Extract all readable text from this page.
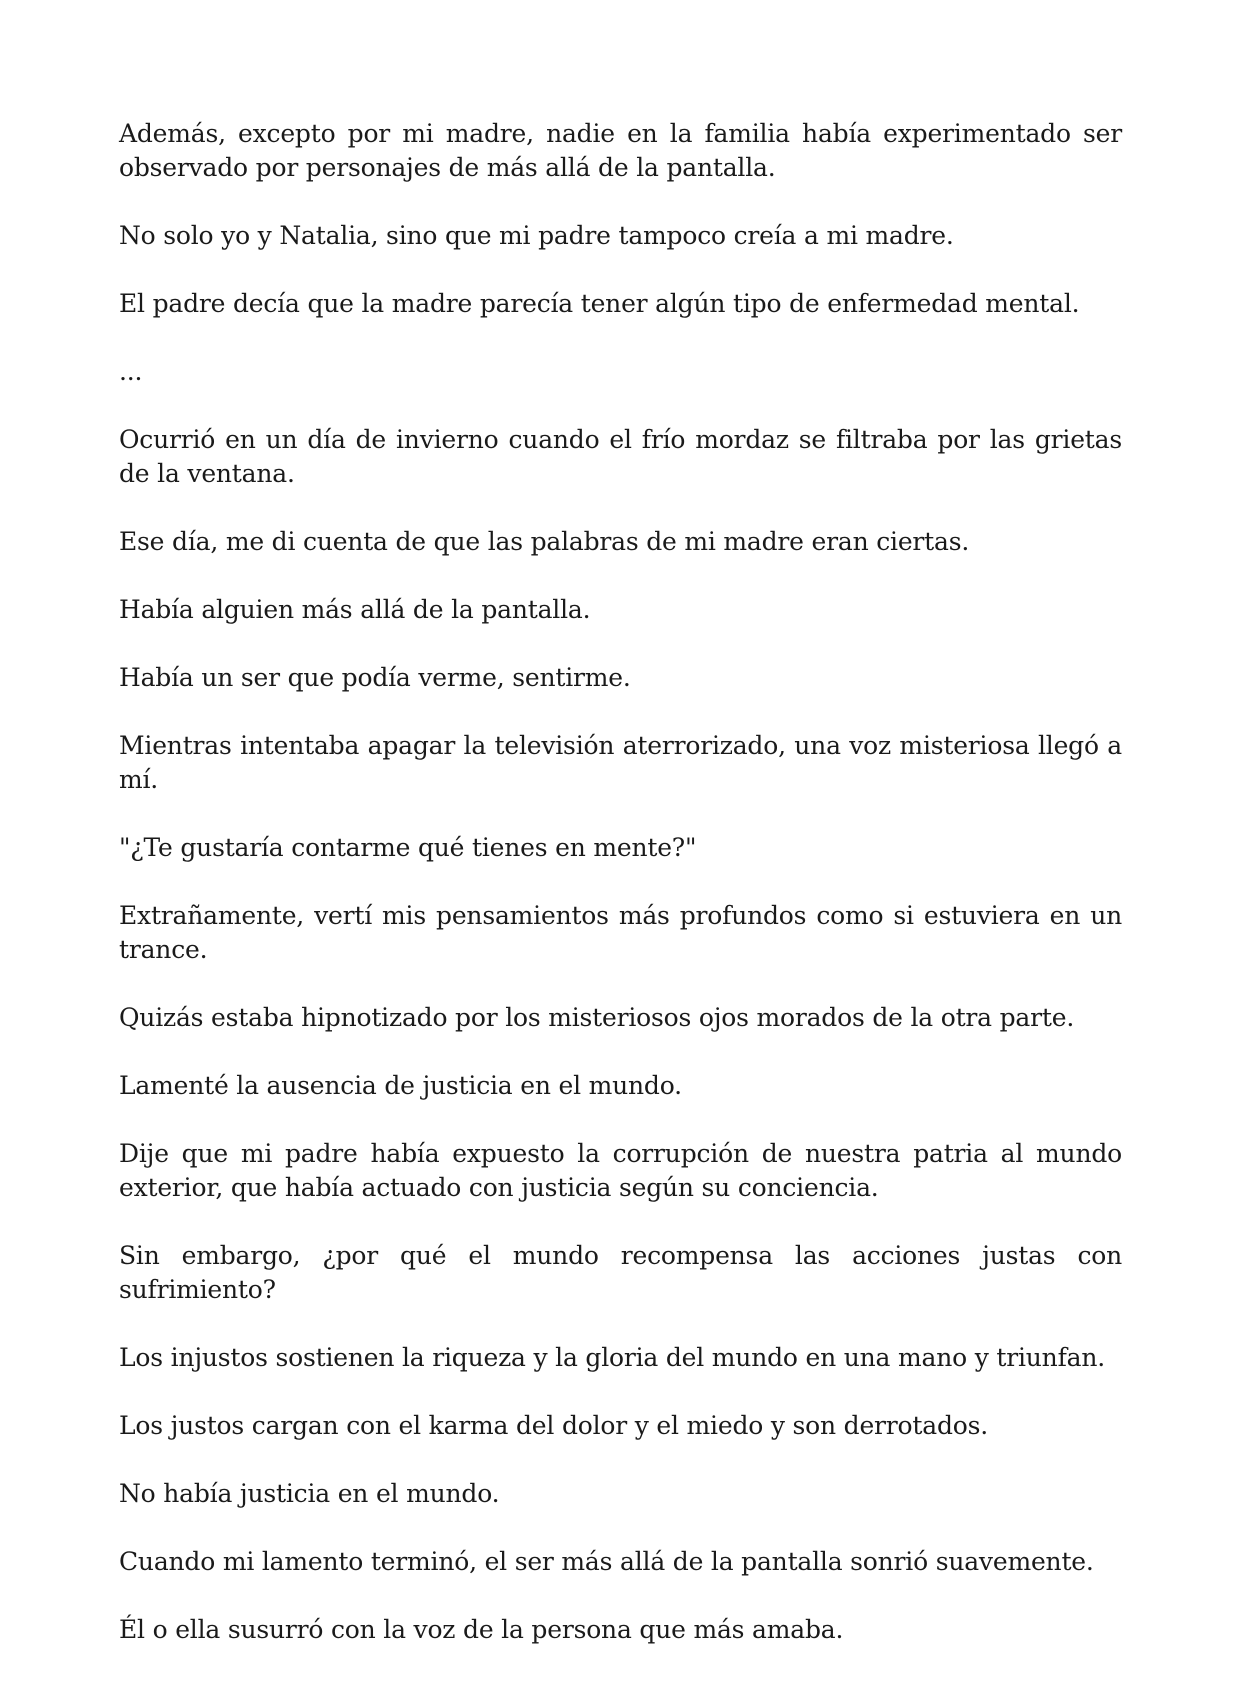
Además, excepto por mi madre, nadie en la familia había experimentado ser observado por personajes de más allá de la pantalla.

No solo yo y Natalia, sino que mi padre tampoco creía a mi madre.

El padre decía que la madre parecía tener algún tipo de enfermedad mental.

...

Ocurrió en un día de invierno cuando el frío mordaz se filtraba por las grietas de la ventana.

Ese día, me di cuenta de que las palabras de mi madre eran ciertas.

Había alguien más allá de la pantalla.

Había un ser que podía verme, sentirme.

Mientras intentaba apagar la televisión aterrorizado, una voz misteriosa llegó a mí.

"¿Te gustaría contarme qué tienes en mente?"

Extrañamente, vertí mis pensamientos más profundos como si estuviera en un trance.

Quizás estaba hipnotizado por los misteriosos ojos morados de la otra parte.

Lamenté la ausencia de justicia en el mundo.

Dije que mi padre había expuesto la corrupción de nuestra patria al mundo exterior, que había actuado con justicia según su conciencia.

Sin embargo, ¿por qué el mundo recompensa las acciones justas con sufrimiento?

Los injustos sostienen la riqueza y la gloria del mundo en una mano y triunfan.

Los justos cargan con el karma del dolor y el miedo y son derrotados.

No había justicia en el mundo.

Cuando mi lamento terminó, el ser más allá de la pantalla sonrió suavemente.

Él o ella susurró con la voz de la persona que más amaba.
